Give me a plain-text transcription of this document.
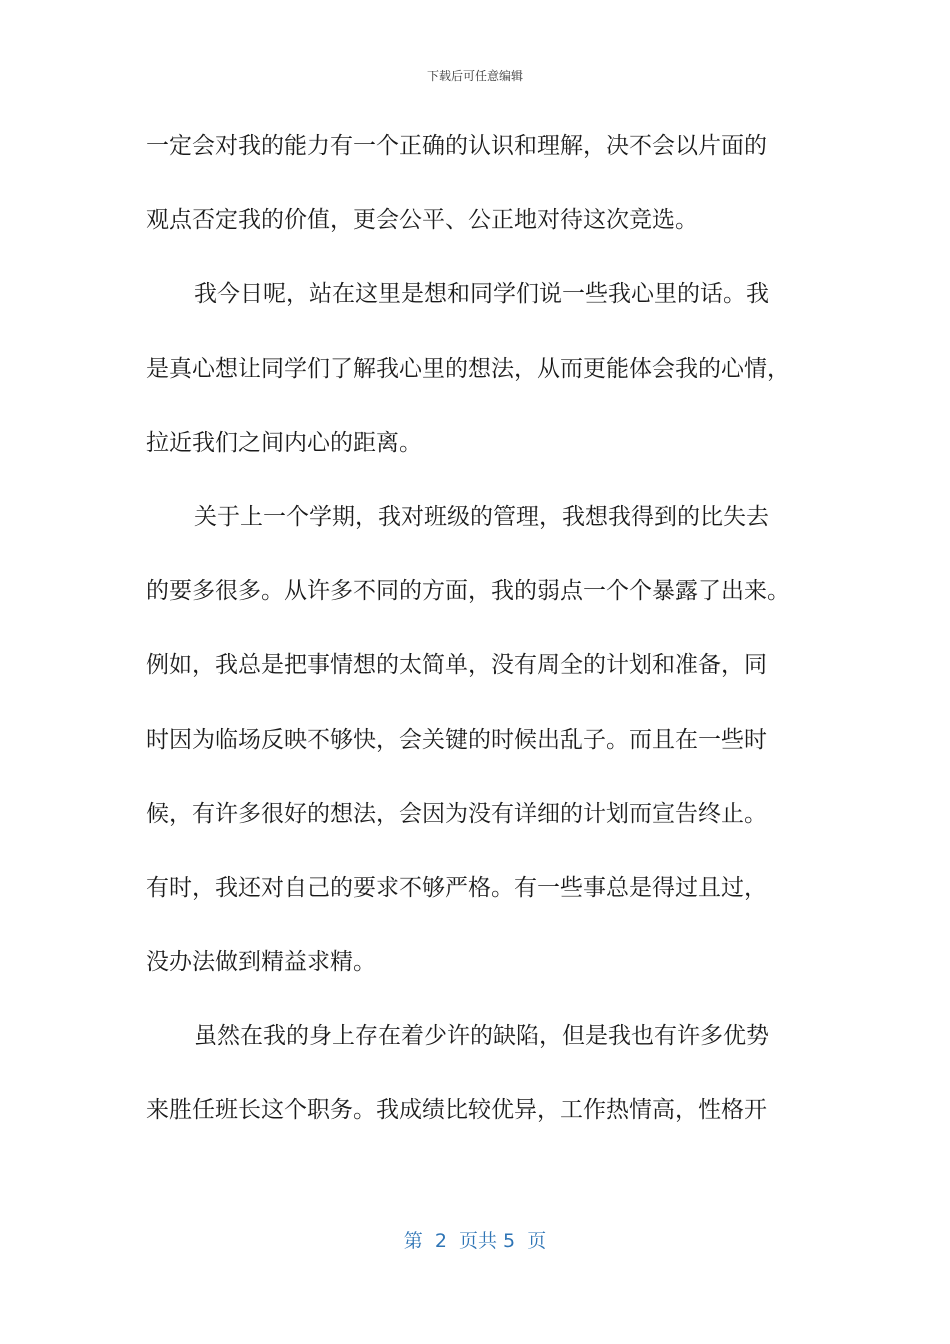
下载后可任意编辑
一定会对我的能力有一个正确的认识和理解，决不会以片面的
观点否定我的价值，更会公平、公正地对待这次竞选。
我今日呢，站在这里是想和同学们说一些我心里的话。我
是真心想让同学们了解我心里的想法，从而更能体会我的心情，
拉近我们之间内心的距离。
关于上一个学期，我对班级的管理，我想我得到的比失去
的要多很多。从许多不同的方面，我的弱点一个个暴露了出来。
例如，我总是把事情想的太简单，没有周全的计划和准备，同
时因为临场反映不够快，会关键的时候出乱子。而且在一些时
候，有许多很好的想法，会因为没有详细的计划而宣告终止。
有时，我还对自己的要求不够严格。有一些事总是得过且过，
没办法做到精益求精。
虽然在我的身上存在着少许的缺陷，但是我也有许多优势
来胜任班长这个职务。我成绩比较优异，工作热情高，性格开
第  2  页共 5  页
